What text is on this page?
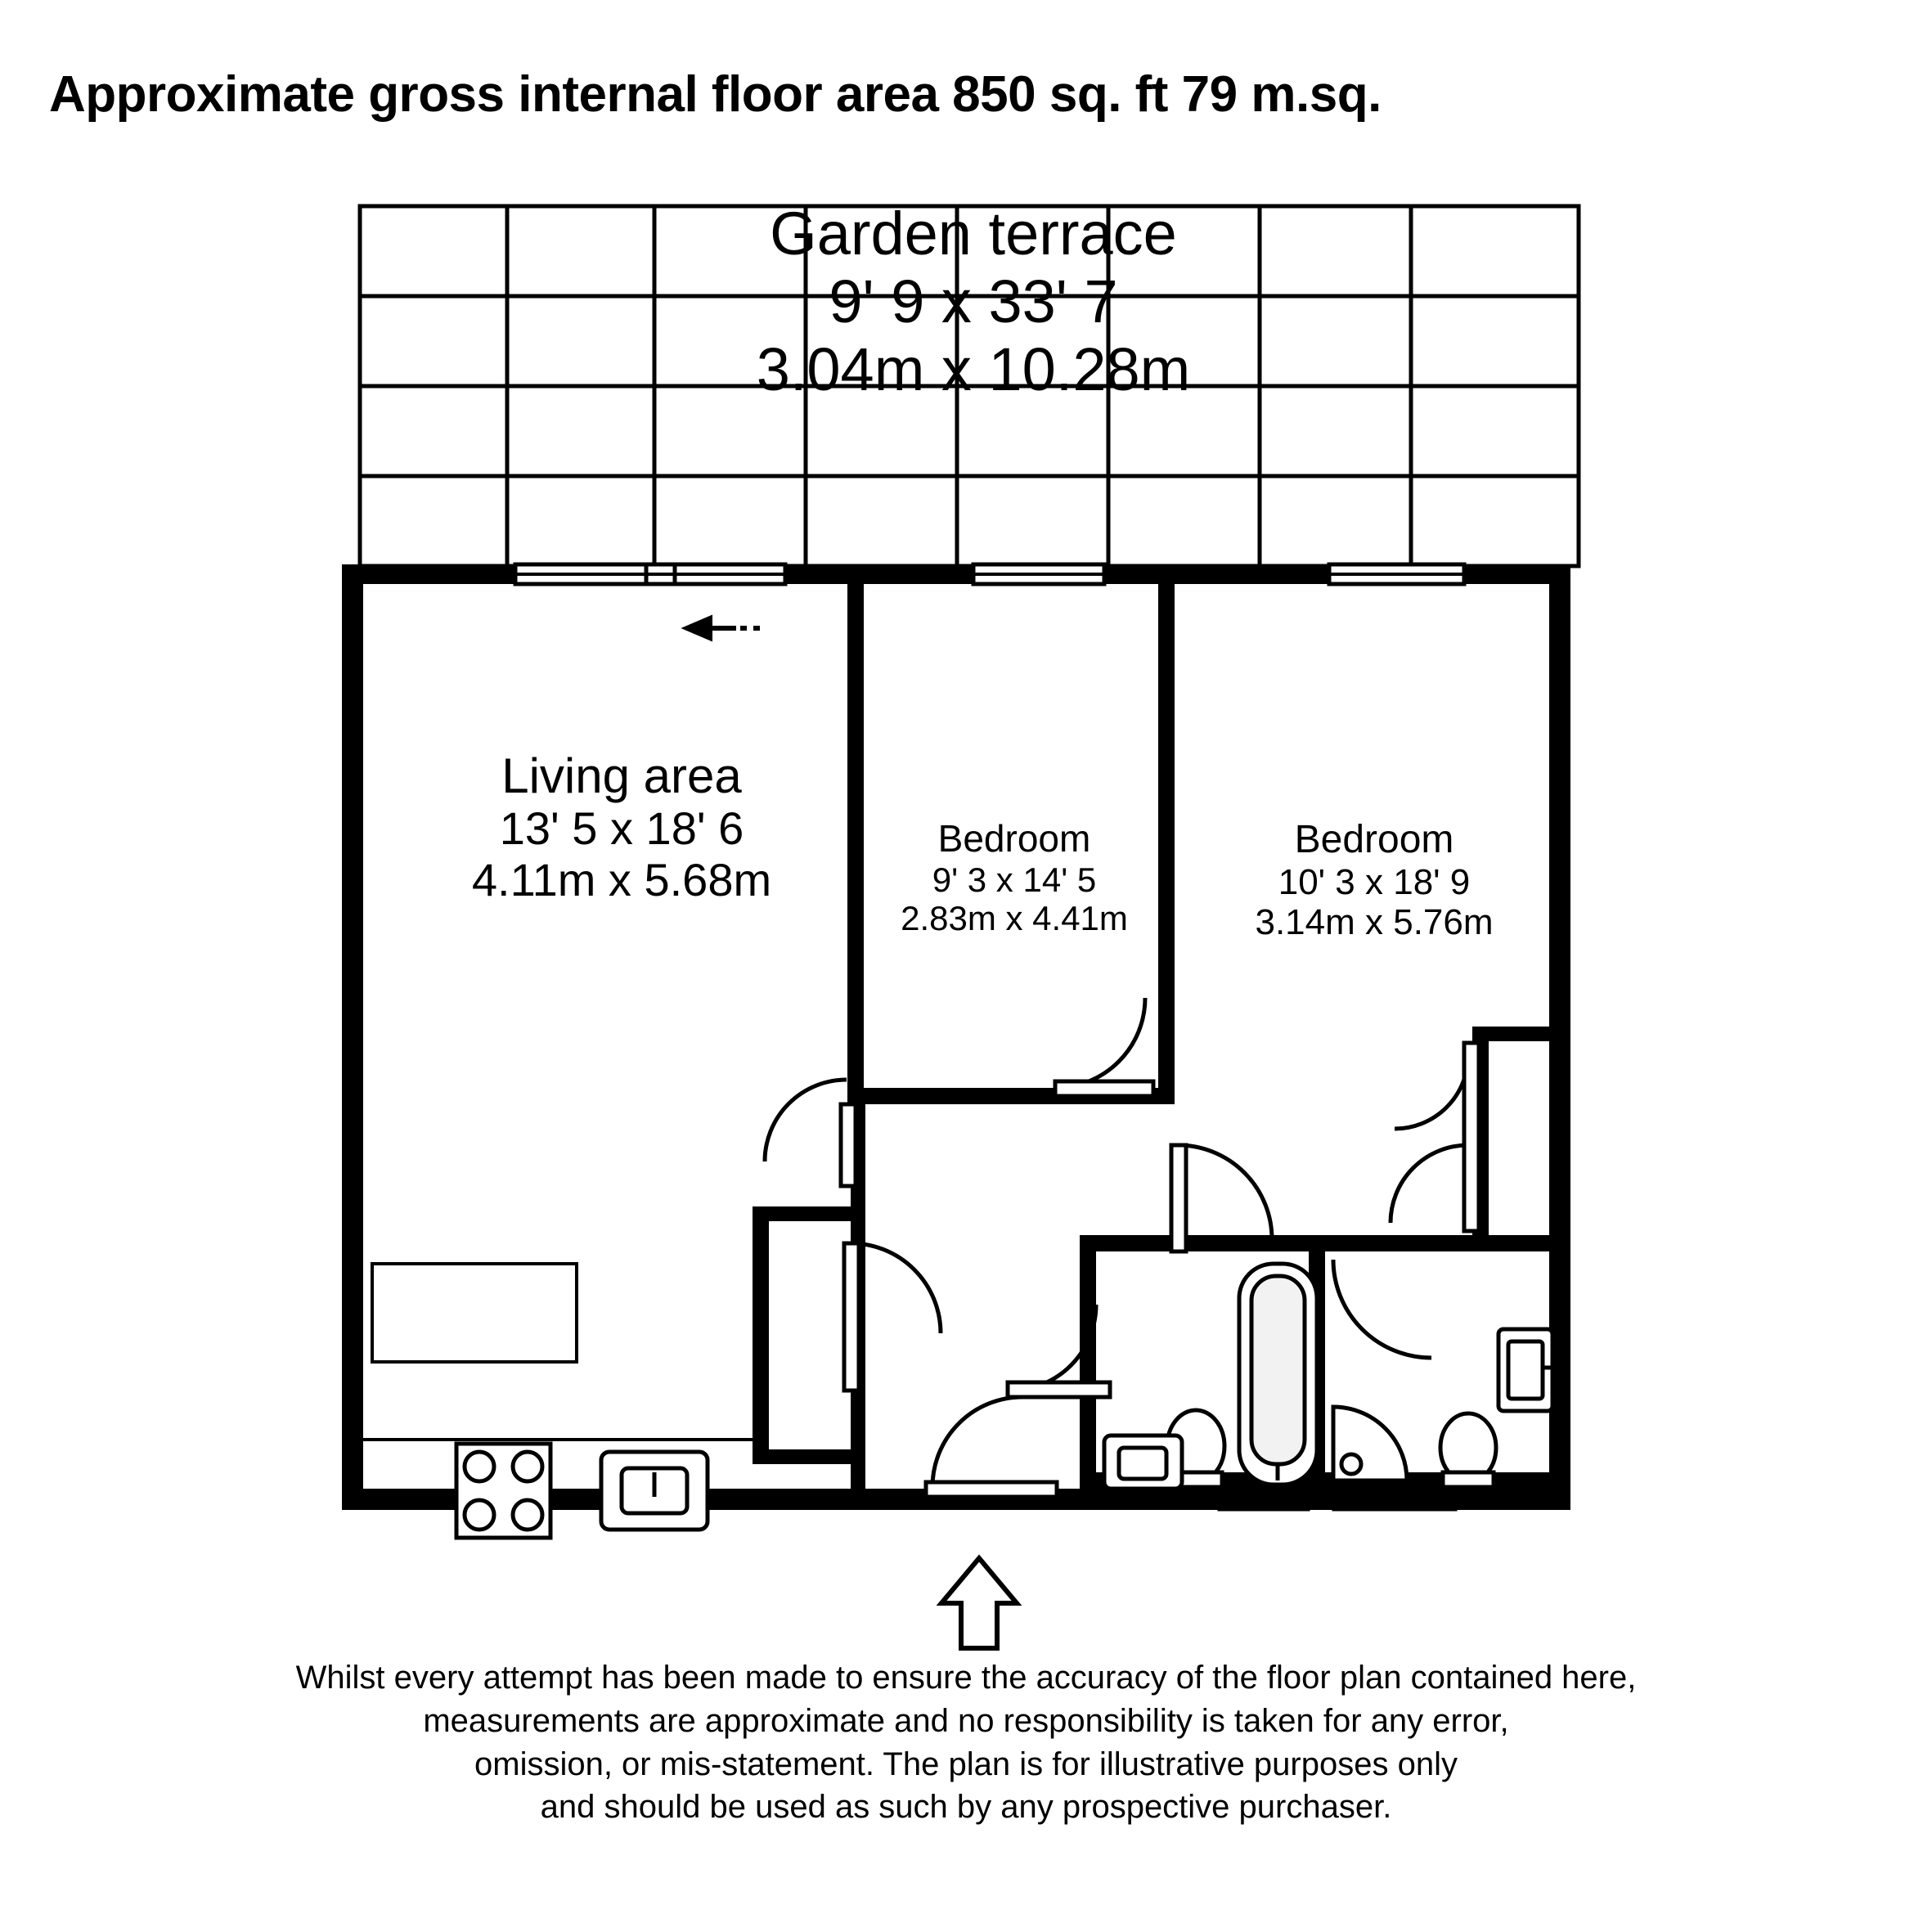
Approximate gross internal floor area 850 sq. ft 79 m.sq.
Garden terrace
9' 9 x 33' 7
3.04m x 10.28m
Living area
13' 5 x 18' 6
4.11m x 5.68m
Bedroom
9' 3 x 14' 5
2.83m x 4.41m
Bedroom
10' 3 x 18' 9
3.14m x 5.76m
Whilst every attempt has been made to ensure the accuracy of the floor plan contained here,
measurements are approximate and no responsibility is taken for any error,
omission, or mis-statement. The plan is for illustrative purposes only
and should be used as such by any prospective purchaser.
